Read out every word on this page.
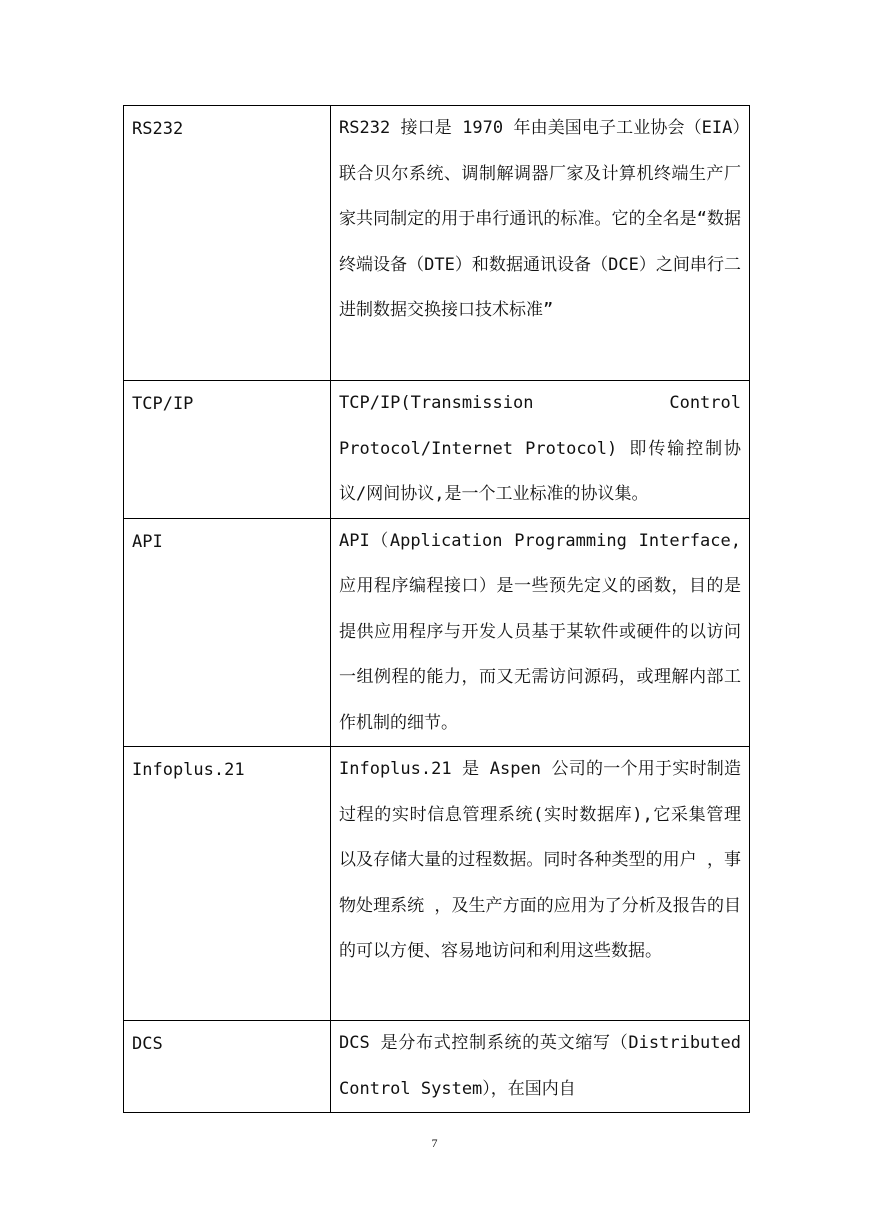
RS232	RS232 接口是 1970 年由美国电子工业协会（EIA）联合贝尔系统、调制解调器厂家及计算机终端生产厂家共同制定的用于串行通讯的标准。它的全名是“数据终端设备（DTE）和数据通讯设备（DCE）之间串行二进制数据交换接口技术标准”
TCP/IP	TCP/IP(Transmission Control Protocol/Internet Protocol) 即传输控制协议/网间协议,是一个工业标准的协议集。
API	API（Application Programming Interface,应用程序编程接口）是一些预先定义的函数，目的是提供应用程序与开发人员基于某软件或硬件的以访问一组例程的能力，而又无需访问源码，或理解内部工作机制的细节。
Infoplus.21	Infoplus.21 是 Aspen 公司的一个用于实时制造过程的实时信息管理系统(实时数据库),它采集管理以及存储大量的过程数据。同时各种类型的用户 ，事物处理系统 ，及生产方面的应用为了分析及报告的目的可以方便、容易地访问和利用这些数据。
DCS	DCS 是分布式控制系统的英文缩写（Distributed Control System），在国内自
7
